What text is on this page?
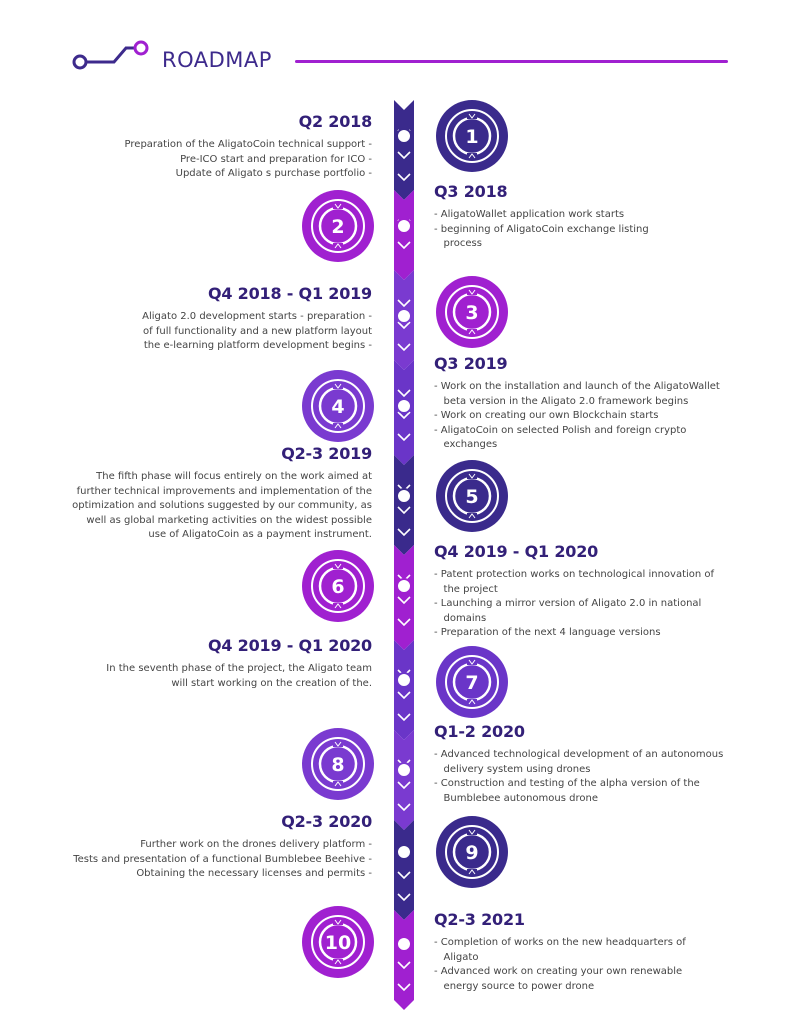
ROADMAP
1
Q2 2018
Preparation of the AligatoCoin technical support -
Pre-ICO start and preparation for ICO -
Update of Aligato s purchase portfolio -
2
Q3 2018
- AligatoWallet application work starts
- beginning of AligatoCoin exchange listing
process
3
Q4 2018 - Q1 2019
Aligato 2.0 development starts - preparation -
of full functionality and a new platform layout
the e-learning platform development begins -
4
Q3 2019
- Work on the installation and launch of the AligatoWallet
beta version in the Aligato 2.0 framework begins
- Work on creating our own Blockchain starts
- AligatoCoin on selected Polish and foreign crypto
exchanges
5
Q2-3 2019
The fifth phase will focus entirely on the work aimed at
further technical improvements and implementation of the
optimization and solutions suggested by our community, as
well as global marketing activities on the widest possible
use of AligatoCoin as a payment instrument.
6
Q4 2019 - Q1 2020
- Patent protection works on technological innovation of
the project
- Launching a mirror version of Aligato 2.0 in national
domains
- Preparation of the next 4 language versions
7
Q4 2019 - Q1 2020
In the seventh phase of the project, the Aligato team
will start working on the creation of the.
8
Q1-2 2020
- Advanced technological development of an autonomous
delivery system using drones
- Construction and testing of the alpha version of the
Bumblebee autonomous drone
9
Q2-3 2020
Further work on the drones delivery platform -
Tests and presentation of a functional Bumblebee Beehive -
Obtaining the necessary licenses and permits -
10
Q2-3 2021
- Completion of works on the new headquarters of
Aligato
- Advanced work on creating your own renewable
energy source to power drone
